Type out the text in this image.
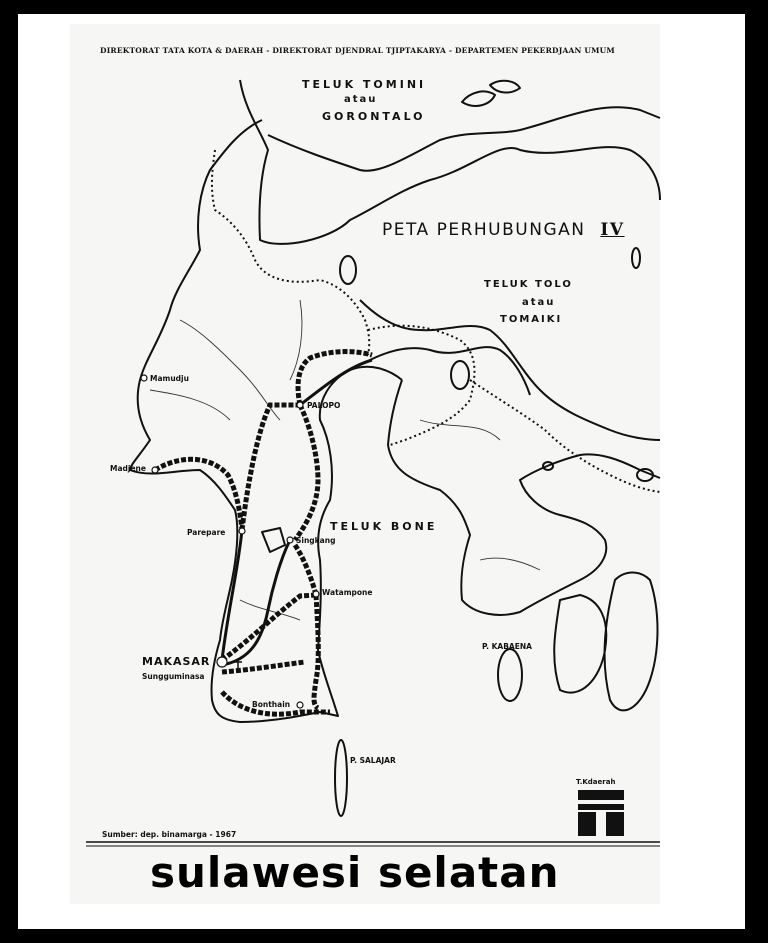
DIREKTORAT TATA KOTA & DAERAH - DIREKTORAT DJENDRAL TJIPTAKARYA - DEPARTEMEN PEKERDJAAN UMUM
TELUK TOMINI
atau
GORONTALO
PETA PERHUBUNGAN IV
TELUK TOLO
atau
TOMAIKI
TELUK BONE
Mamudju
PALOPO
Madjene
Parepare
Singkang
Watampone
MAKASAR
Sungguminasa
Bonthain
P. KABAENA
P. SALAJAR
Sumber: dep. binamarga - 1967
T.Kdaerah
sulawesi selatan
